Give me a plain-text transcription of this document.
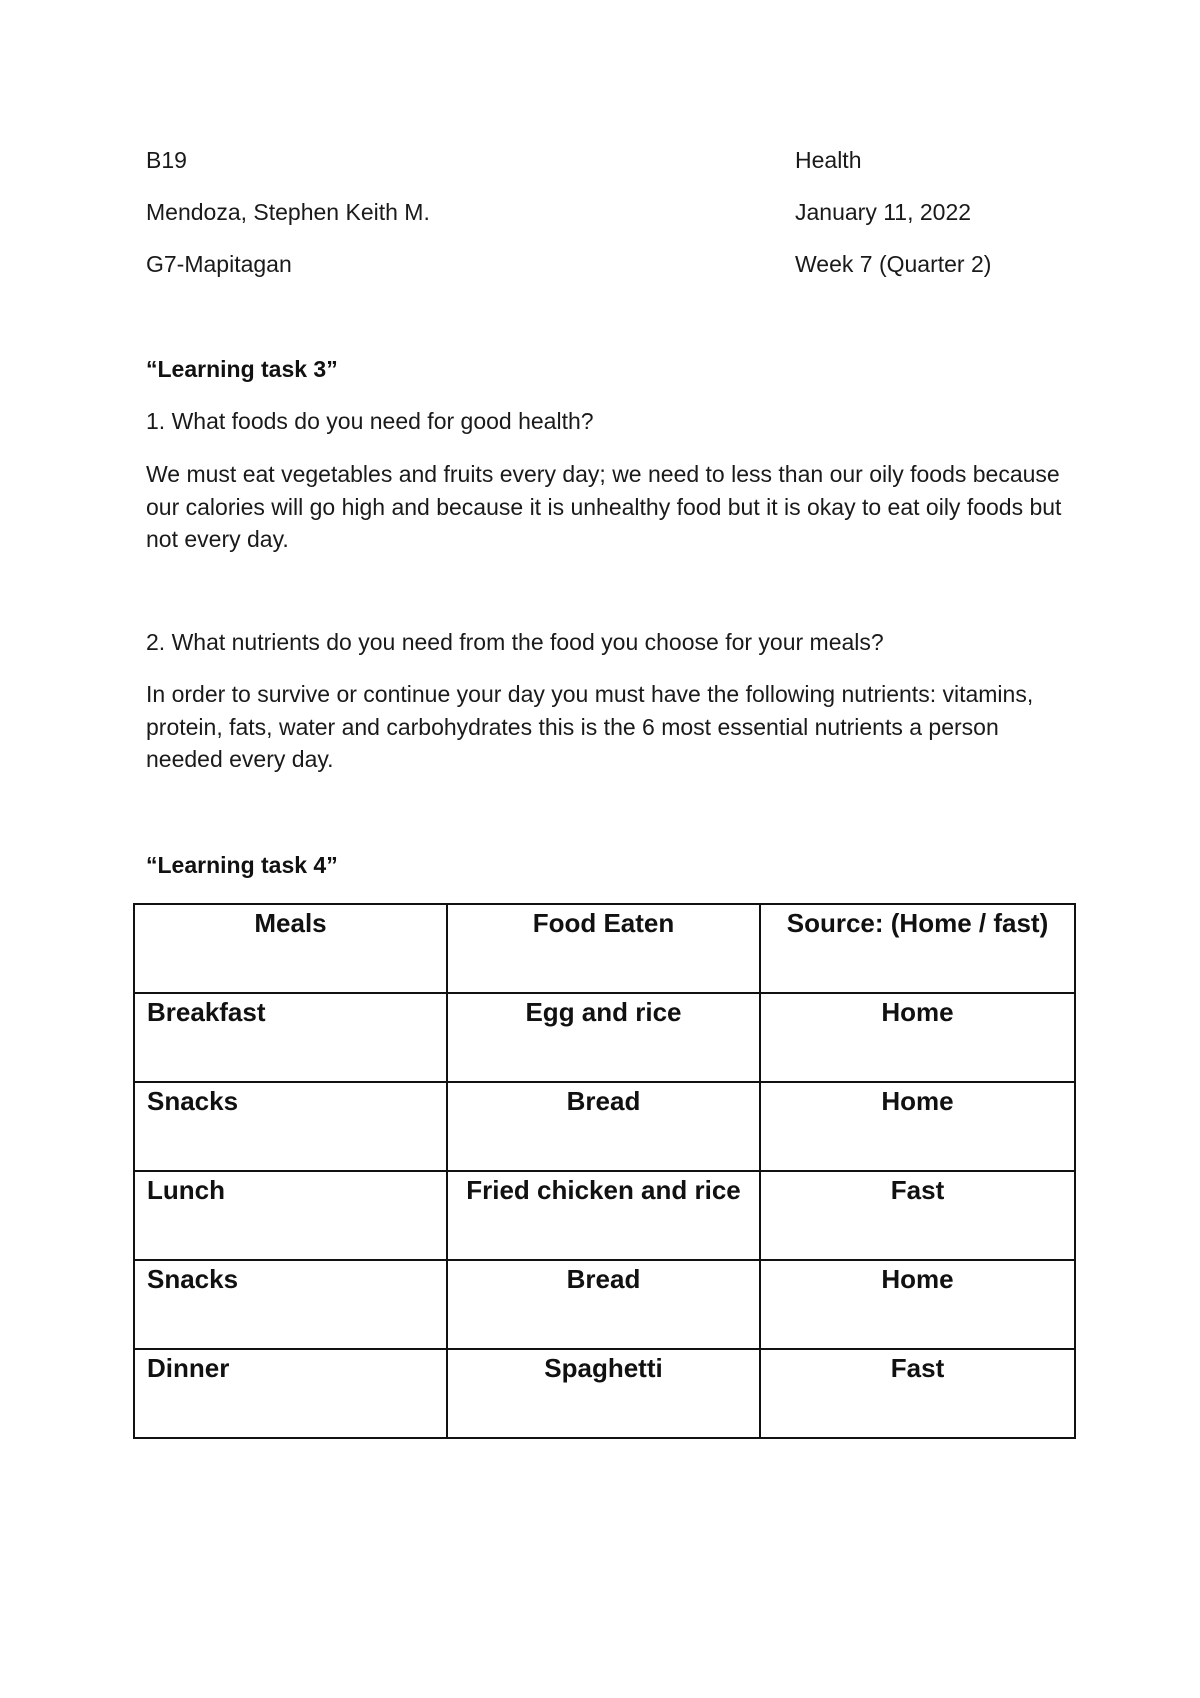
B19
Mendoza, Stephen Keith M.
G7-Mapitagan
Health
January 11, 2022
Week 7 (Quarter 2)
“Learning task 3”
1. What foods do you need for good health?
We must eat vegetables and fruits every day; we need to less than our oily foods because our calories will go high and because it is unhealthy food but it is okay to eat oily foods but not every day.
2. What nutrients do you need from the food you choose for your meals?
In order to survive or continue your day you must have the following nutrients: vitamins, protein, fats, water and carbohydrates this is the 6 most essential nutrients a person needed every day.
“Learning task 4”
Meals	Food Eaten	Source: (Home / fast)
Breakfast	Egg and rice	Home
Snacks	Bread	Home
Lunch	Fried chicken and rice	Fast
Snacks	Bread	Home
Dinner	Spaghetti	Fast
